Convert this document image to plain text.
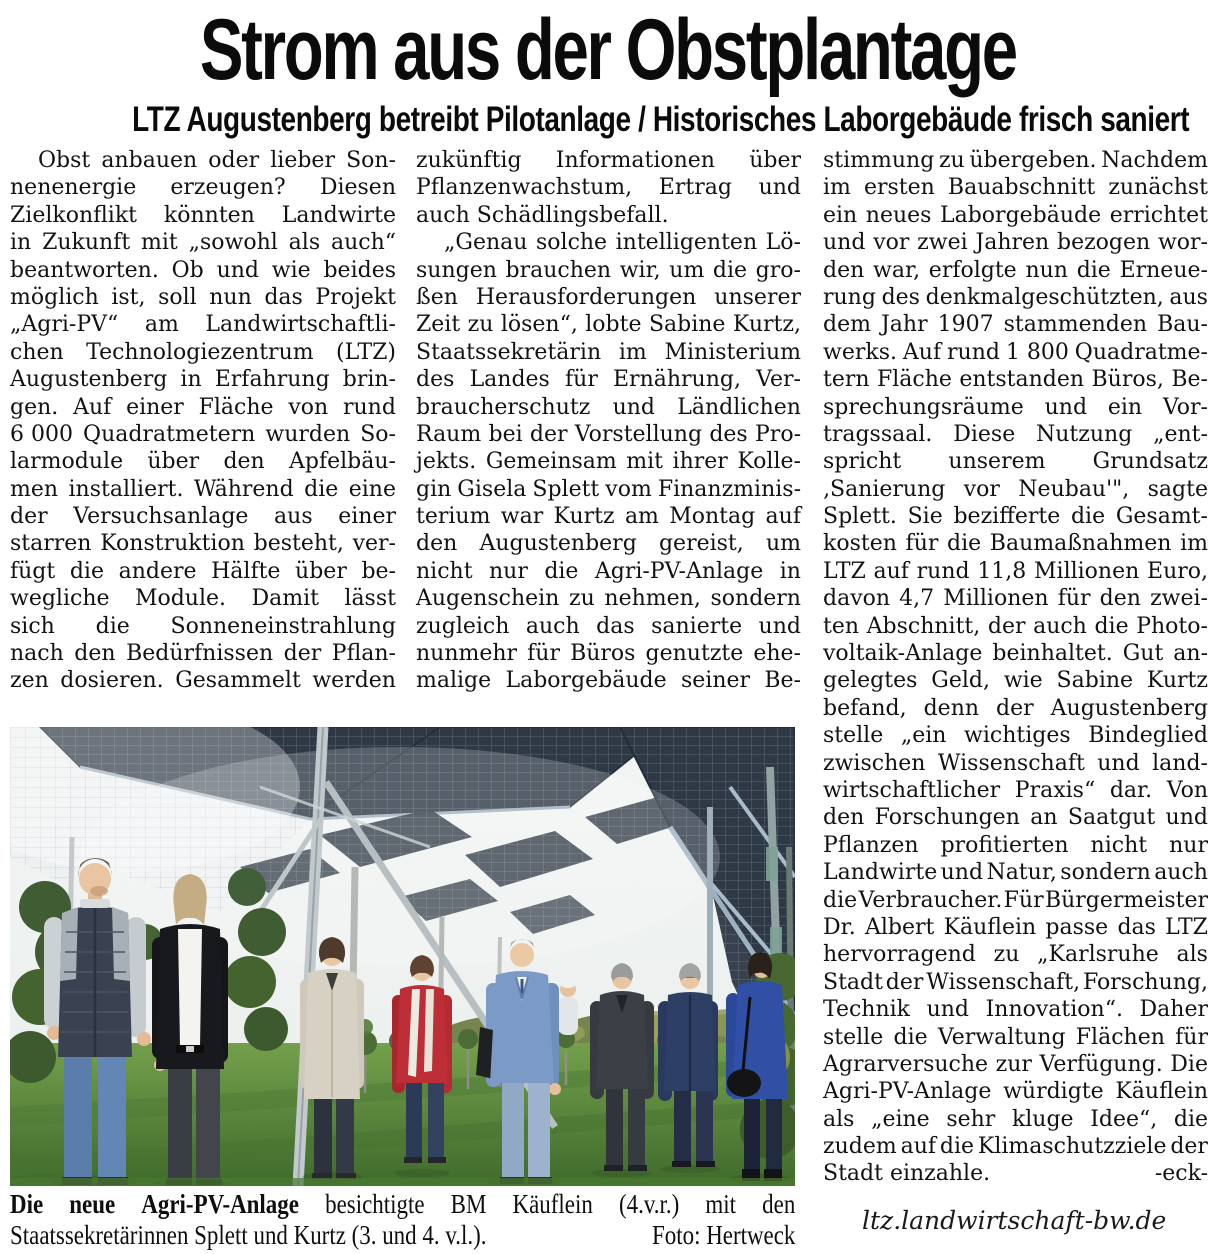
Strom aus der Obstplantage
LTZ Augustenberg betreibt Pilotanlage / Historisches Laborgebäude frisch saniert
Obst anbauen oder lieber Son-
nenenergie erzeugen? Diesen
Zielkonflikt könnten Landwirte
in Zukunft mit „sowohl als auch“
beantworten. Ob und wie beides
möglich ist, soll nun das Projekt
„Agri-PV“ am Landwirtschaftli-
chen Technologiezentrum (LTZ)
Augustenberg in Erfahrung brin-
gen. Auf einer Fläche von rund
6 000 Quadratmetern wurden So-
larmodule über den Apfelbäu-
men installiert. Während die eine
der Versuchsanlage aus einer
starren Konstruktion besteht, ver-
fügt die andere Hälfte über be-
wegliche Module. Damit lässt
sich die Sonneneinstrahlung
nach den Bedürfnissen der Pflan-
zen dosieren. Gesammelt werden
zukünftig Informationen über
Pflanzenwachstum, Ertrag und
auch Schädlingsbefall.
„Genau solche intelligenten Lö-
sungen brauchen wir, um die gro-
ßen Herausforderungen unserer
Zeit zu lösen“, lobte Sabine Kurtz,
Staatssekretärin im Ministerium
des Landes für Ernährung, Ver-
braucherschutz und Ländlichen
Raum bei der Vorstellung des Pro-
jekts. Gemeinsam mit ihrer Kolle-
gin Gisela Splett vom Finanzminis-
terium war Kurtz am Montag auf
den Augustenberg gereist, um
nicht nur die Agri-PV-Anlage in
Augenschein zu nehmen, sondern
zugleich auch das sanierte und
nunmehr für Büros genutzte ehe-
malige Laborgebäude seiner Be-
stimmung zu übergeben. Nachdem
im ersten Bauabschnitt zunächst
ein neues Laborgebäude errichtet
und vor zwei Jahren bezogen wor-
den war, erfolgte nun die Erneue-
rung des denkmalgeschützten, aus
dem Jahr 1907 stammenden Bau-
werks. Auf rund 1 800 Quadratme-
tern Fläche entstanden Büros, Be-
sprechungsräume und ein Vor-
tragssaal. Diese Nutzung „ent-
spricht unserem Grundsatz
‚Sanierung vor Neubau'", sagte
Splett. Sie bezifferte die Gesamt-
kosten für die Baumaßnahmen im
LTZ auf rund 11,8 Millionen Euro,
davon 4,7 Millionen für den zwei-
ten Abschnitt, der auch die Photo-
voltaik-Anlage beinhaltet. Gut an-
gelegtes Geld, wie Sabine Kurtz
befand, denn der Augustenberg
stelle „ein wichtiges Bindeglied
zwischen Wissenschaft und land-
wirtschaftlicher Praxis“ dar. Von
den Forschungen an Saatgut und
Pflanzen profitierten nicht nur
Landwirte und Natur, sondern auch
die Verbraucher. Für Bürgermeister
Dr. Albert Käuflein passe das LTZ
hervorragend zu „Karlsruhe als
Stadt der Wissenschaft, Forschung,
Technik und Innovation“. Daher
stelle die Verwaltung Flächen für
Agrarversuche zur Verfügung. Die
Agri-PV-Anlage würdigte Käuflein
als „eine sehr kluge Idee“, die
zudem auf die Klimaschutzziele der
Stadt einzahle.	-eck-
ltz.landwirtschaft-bw.de
Die neue Agri-PV-Anlage besichtigte BM Käuflein (4.v.r.) mit den
Staatssekretärinnen Splett und Kurtz (3. und 4. v.l.).	Foto: Hertweck
